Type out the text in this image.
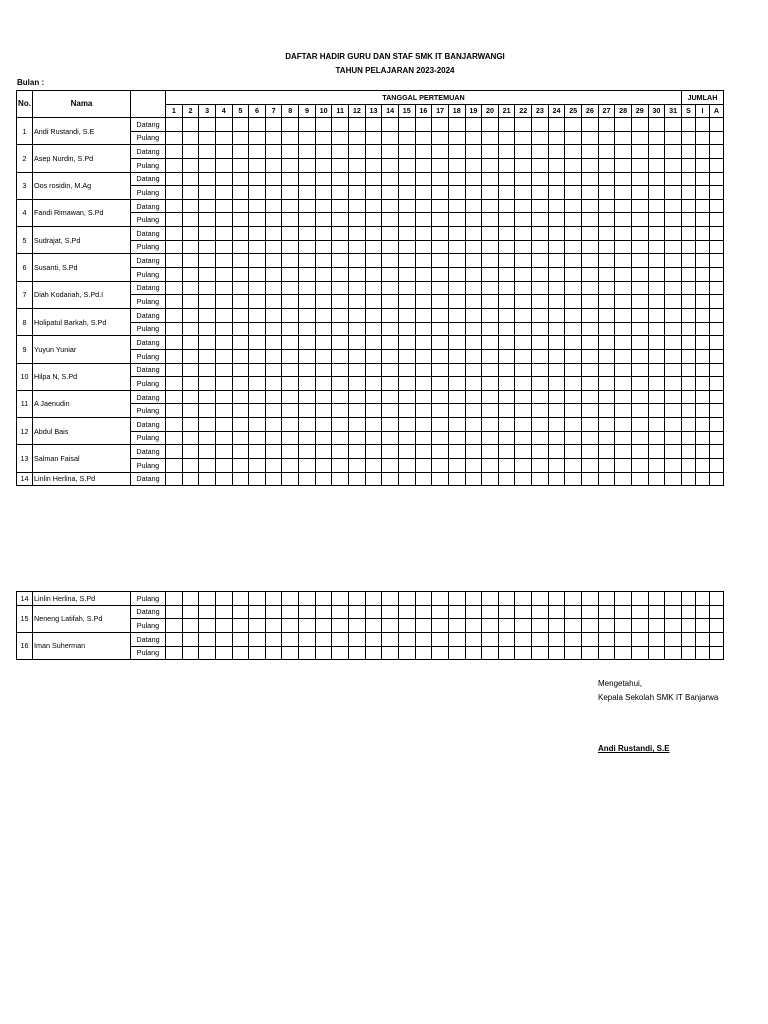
DAFTAR HADIR GURU DAN STAF SMK IT BANJARWANGI
TAHUN PELAJARAN 2023-2024
Bulan :
No.	Nama		TANGGAL PERTEMUAN																															JUMLAH		
			1	2	3	4	5	6	7	8	9	10	11	12	13	14	15	16	17	18	19	20	21	22	23	24	25	26	27	28	29	30	31	S	I	A
1	Andi Rustandi, S.E	Datang																																		
		Pulang																																		
2	Asep Nurdin, S.Pd	Datang																																		
		Pulang																																		
3	Oos rosidin, M.Ag	Datang																																		
		Pulang																																		
4	Fandi Rimawan, S.Pd	Datang																																		
		Pulang																																		
5	Sudrajat, S.Pd	Datang																																		
		Pulang																																		
6	Susanti, S.Pd	Datang																																		
		Pulang																																		
7	Diah Kodariah, S.Pd.I	Datang																																		
		Pulang																																		
8	Holipatul Barkah, S.Pd	Datang																																		
		Pulang																																		
9	Yuyun Yuniar	Datang																																		
		Pulang																																		
10	Hilpa N, S.Pd	Datang																																		
		Pulang																																		
11	A Jaenudin	Datang																																		
		Pulang																																		
12	Abdul Bais	Datang																																		
		Pulang																																		
13	Salman Faisal	Datang																																		
		Pulang																																		
14	Linlin Herlina, S.Pd	Datang																																		
14	Linlin Herlina, S.Pd	Pulang																																		
15	Neneng Latifah, S.Pd	Datang																																		
		Pulang																																		
16	Iman Suherman	Datang																																		
		Pulang																																		
Mengetahui,
Kepala Sekolah SMK IT Banjarwa
Andi Rustandi, S.E
